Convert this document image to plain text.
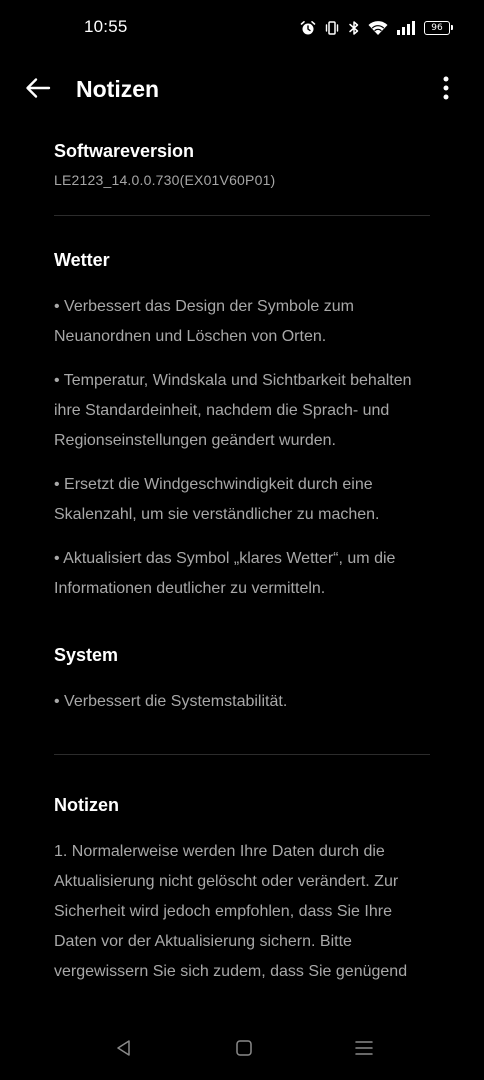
10:55	96
Notizen
Softwareversion
LE2123_14.0.0.730(EX01V60P01)
Wetter

• Verbessert das Design der Symbole zum Neuanordnen und Löschen von Orten.

• Temperatur, Windskala und Sichtbarkeit behalten ihre Standardeinheit, nachdem die Sprach- und Regionseinstellungen geändert wurden.

• Ersetzt die Windgeschwindigkeit durch eine Skalenzahl, um sie verständlicher zu machen.

• Aktualisiert das Symbol „klares Wetter“, um die Informationen deutlicher zu vermitteln.

System

• Verbessert die Systemstabilität.

Notizen

1. Normalerweise werden Ihre Daten durch die Aktualisierung nicht gelöscht oder verändert. Zur Sicherheit wird jedoch empfohlen, dass Sie Ihre Daten vor der Aktualisierung sichern. Bitte vergewissern Sie sich zudem, dass Sie genügend
